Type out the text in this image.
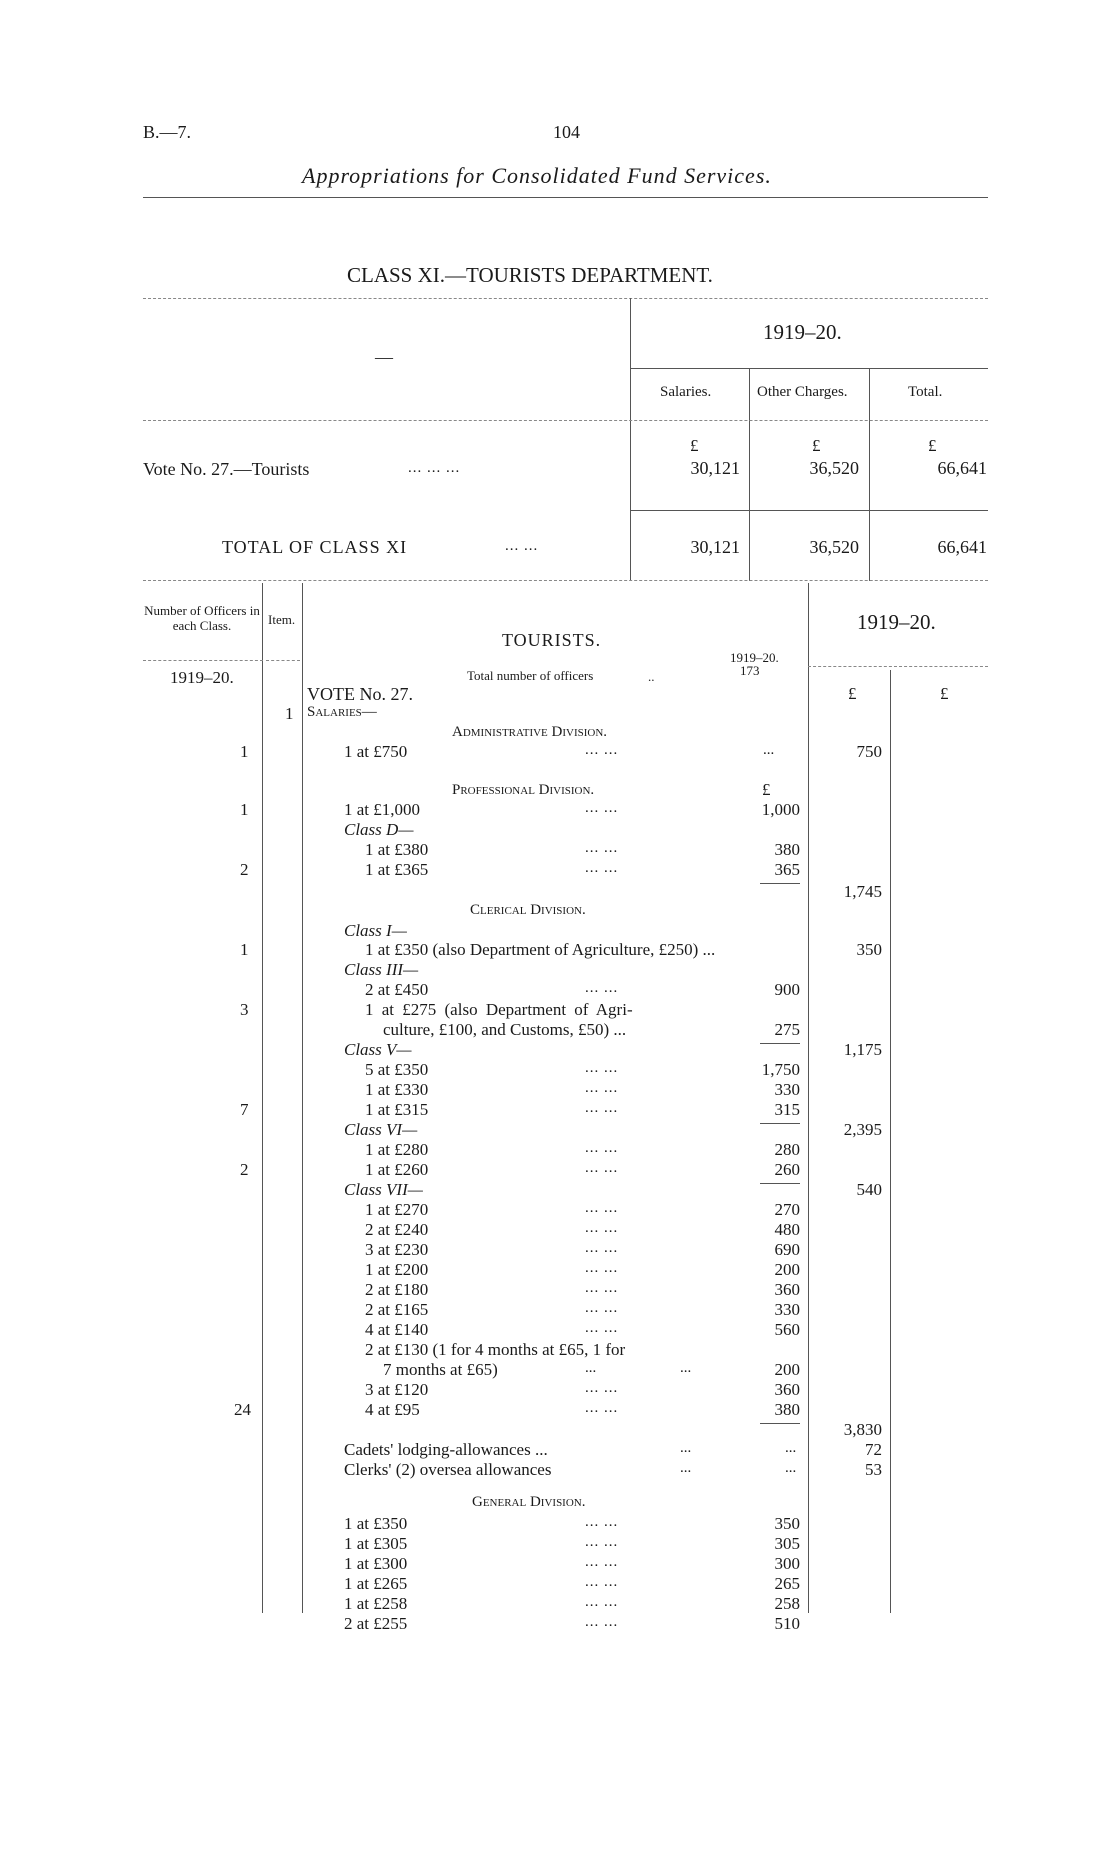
B.—7.	104
Appropriations for Consolidated Fund Services.
CLASS XI.—TOURISTS DEPARTMENT.
—
1919–20.
Salaries.	Other Charges.	Total.
£	£	£
Vote No. 27.—Tourists	... ... ...	30,121	36,520	66,641
TOTAL OF CLASS XI	... ...	30,121	36,520	66,641
Number of Officers in each Class.	Item.
1919–20.
TOURISTS.
1919–20.
1919–20.
Total number of officers	..	173
£	£
VOTE No. 27.
1 Salaries—
Administrative Division.
1	1 at £750	... ...	...	750
Professional Division.	£
1	1 at £1,000	... ...	1,000
Class D—
1 at £380	... ...	380
2	1 at £365	... ...	365
1,745
Clerical Division.
Class I—
1	1 at £350 (also Department of Agriculture, £250) ...	350
Class III—
2 at £450	... ...	900
3	1 at £275 (also Department of Agri-
culture, £100, and Customs, £50) ...	275
1,175
Class V—
5 at £350	... ...	1,750
1 at £330	... ...	330
7	1 at £315	... ...	315
2,395
Class VI—
1 at £280	... ...	280
2	1 at £260	... ...	260
540
Class VII—
1 at £270	... ...	270
2 at £240	... ...	480
3 at £230	... ...	690
1 at £200	... ...	200
2 at £180	... ...	360
2 at £165	... ...	330
4 at £140	... ...	560
2 at £130 (1 for 4 months at £65, 1 for
7 months at £65)	...	...	200
3 at £120	... ...	360
24	4 at £95	... ...	380
3,830
Cadets' lodging-allowances ...	...	...	72
Clerks' (2) oversea allowances	...	...	53
General Division.
1 at £350	... ...	350
1 at £305	... ...	305
1 at £300	... ...	300
1 at £265	... ...	265
1 at £258	... ...	258
2 at £255	... ...	510
